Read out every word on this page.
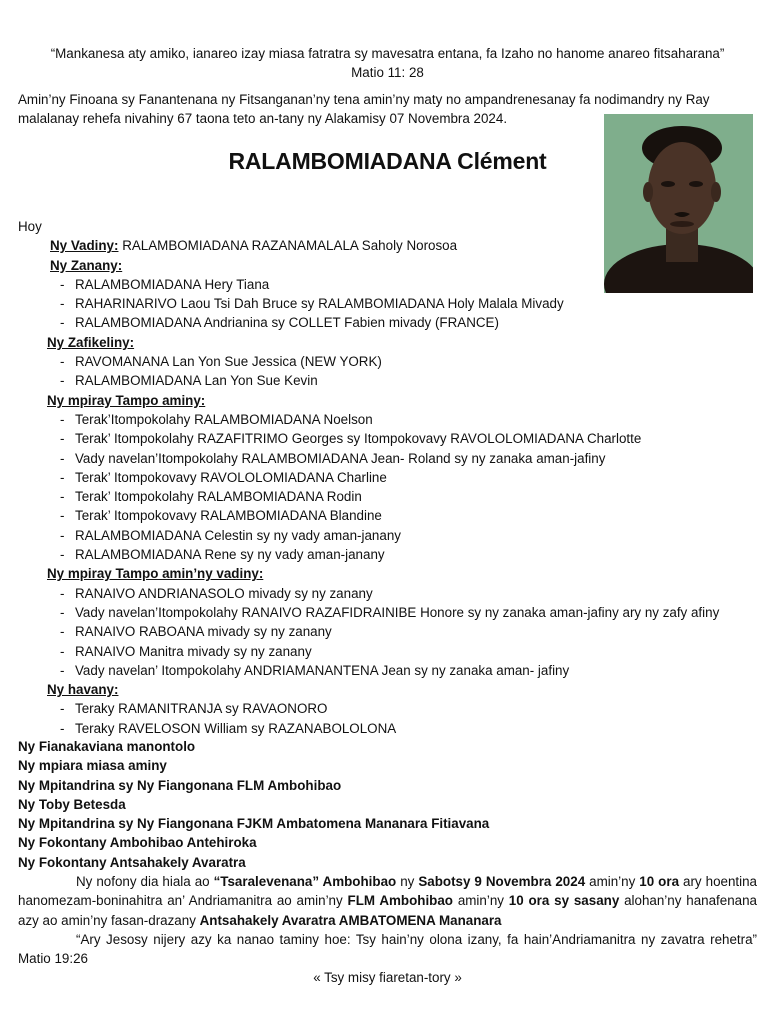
“Mankanesa aty amiko, ianareo izay miasa fatratra sy mavesatra entana, fa Izaho no hanome anareo fitsaharana”
Matio 11: 28
Amin’ny Finoana sy Fanantenana ny Fitsanganan’ny tena amin’ny maty no ampandrenesanay fa nodimandry ny Ray malalanay rehefa nivahiny 67 taona teto an-tany ny Alakamisy 07 Novembra 2024.
RALAMBOMIADANA Clément
Hoy
Ny Vadiny: RALAMBOMIADANA RAZANAMALALA Saholy Norosoa
Ny Zanany:
- RALAMBOMIADANA Hery Tiana
- RAHARINARIVO Laou Tsi Dah Bruce sy RALAMBOMIADANA Holy Malala Mivady
- RALAMBOMIADANA Andrianina sy COLLET Fabien mivady (FRANCE)
Ny Zafikeliny:
- RAVOMANANA Lan Yon Sue Jessica (NEW YORK)
- RALAMBOMIADANA Lan Yon Sue Kevin
Ny mpiray Tampo aminy:
- Terak’Itompokolahy RALAMBOMIADANA Noelson
- Terak’ Itompokolahy RAZAFITRIMO Georges sy Itompokovavy RAVOLOLOMIADANA Charlotte
- Vady navelan’Itompokolahy RALAMBOMIADANA Jean- Roland sy ny zanaka aman-jafiny
- Terak’ Itompokovavy RAVOLOLOMIADANA Charline
- Terak’ Itompokolahy RALAMBOMIADANA Rodin
- Terak’ Itompokovavy RALAMBOMIADANA Blandine
- RALAMBOMIADANA Celestin sy ny vady aman-janany
- RALAMBOMIADANA Rene sy ny vady aman-janany
Ny mpiray Tampo amin’ny vadiny:
- RANAIVO ANDRIANASOLO mivady sy ny zanany
- Vady navelan’Itompokolahy RANAIVO RAZAFIDRAINIBE Honore sy ny zanaka aman-jafiny ary ny zafy afiny
- RANAIVO RABOANA mivady sy ny zanany
- RANAIVO Manitra mivady sy ny zanany
- Vady navelan’ Itompokolahy ANDRIAMANANTENA Jean sy ny zanaka aman- jafiny
Ny havany:
- Teraky RAMANITRANJA sy RAVAONORO
- Teraky RAVELOSON William sy RAZANABOLOLONA
Ny Fianakaviana manontolo
Ny mpiara miasa aminy
Ny Mpitandrina sy Ny Fiangonana FLM Ambohibao
Ny Toby Betesda
Ny Mpitandrina sy Ny Fiangonana FJKM Ambatomena Mananara Fitiavana
Ny Fokontany Ambohibao Antehiroka
Ny Fokontany Antsahakely Avaratra

Ny nofony dia hiala ao “Tsaralevenana” Ambohibao ny Sabotsy 9 Novembra 2024 amin’ny 10 ora ary hoentina hanomezam-boninahitra an’ Andriamanitra ao amin’ny FLM Ambohibao amin’ny 10 ora sy sasany alohan’ny hanafenana azy ao amin’ny fasan-drazany Antsahakely Avaratra AMBATOMENA Mananara

“Ary Jesosy nijery azy ka nanao taminy hoe: Tsy hain’ny olona izany, fa hain’Andriamanitra ny zavatra rehetra” Matio 19:26

« Tsy misy fiaretan-tory »
